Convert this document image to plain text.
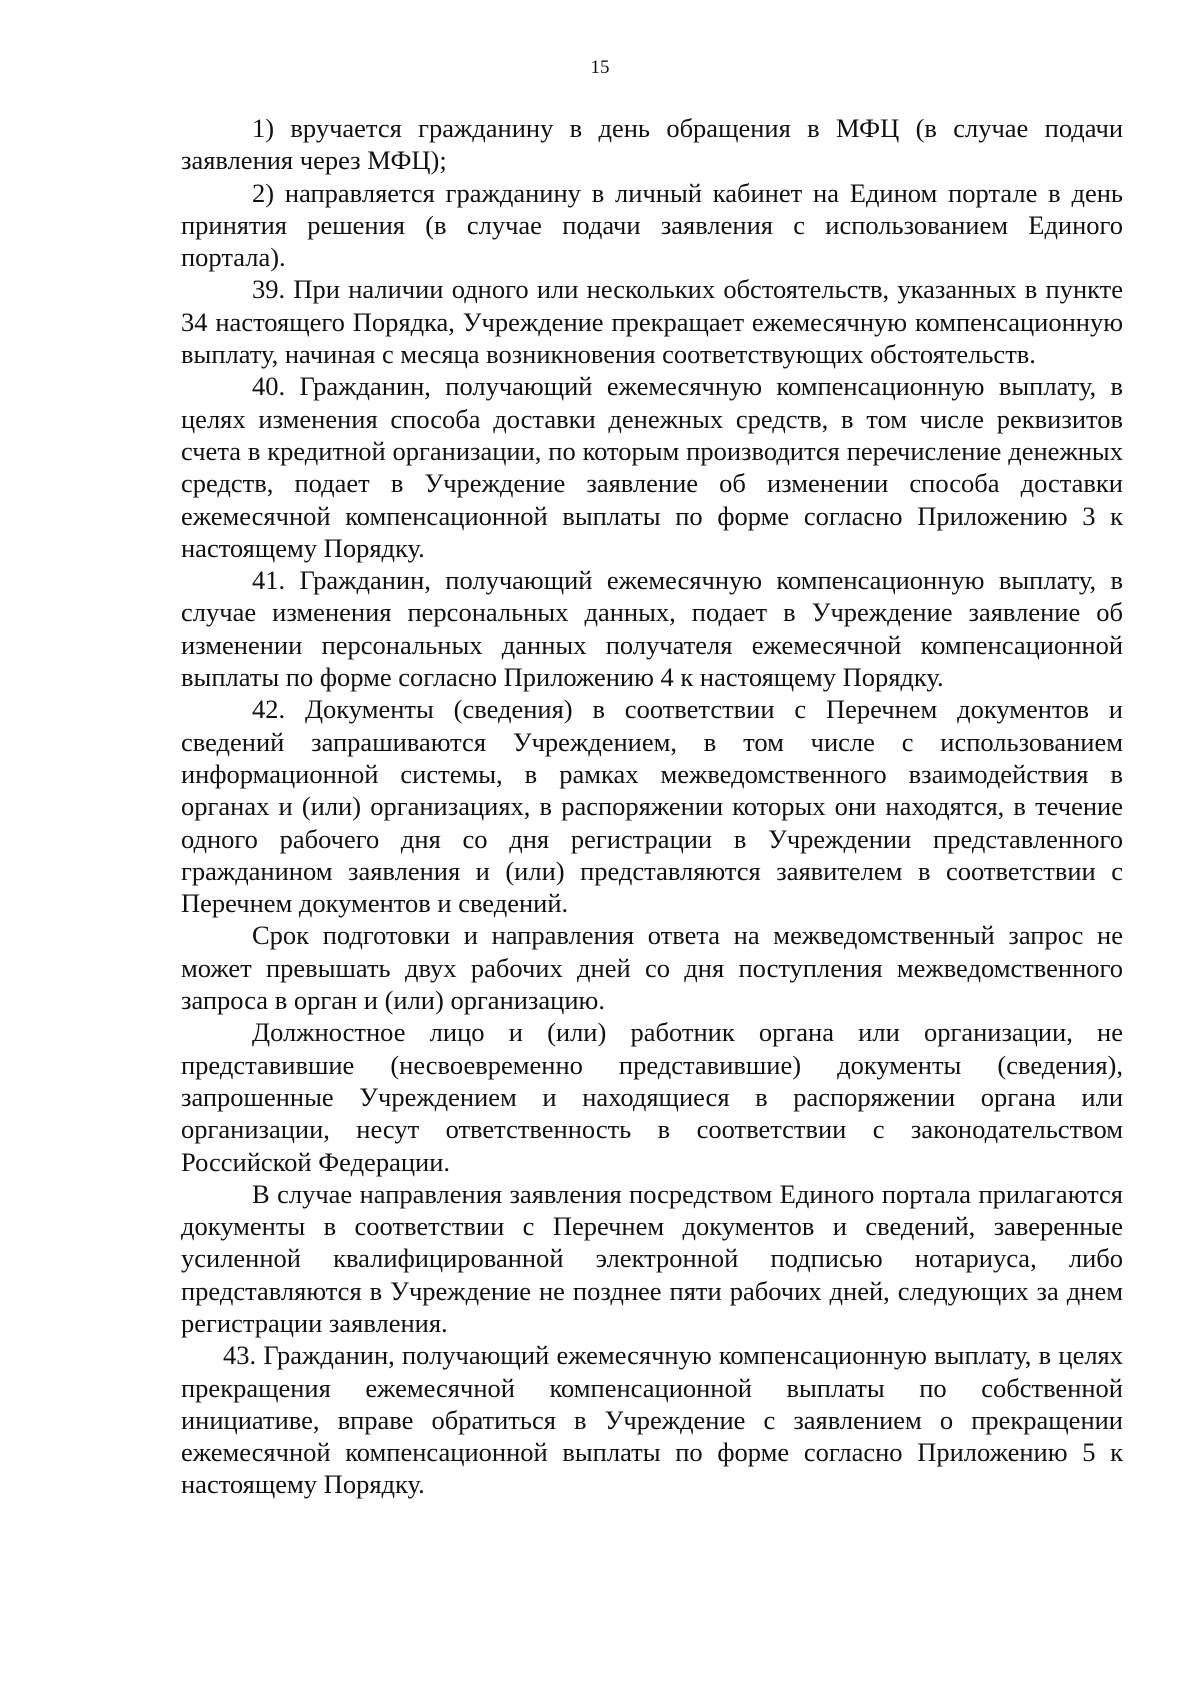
15

1) вручается гражданину в день обращения в МФЦ (в случае подачи заявления через МФЦ);

2) направляется гражданину в личный кабинет на Едином портале в день принятия решения (в случае подачи заявления с использованием Единого портала).

39. При наличии одного или нескольких обстоятельств, указанных в пункте 34 настоящего Порядка, Учреждение прекращает ежемесячную компенсационную выплату, начиная с месяца возникновения соответствующих обстоятельств.

40. Гражданин, получающий ежемесячную компенсационную выплату, в целях изменения способа доставки денежных средств, в том числе реквизитов счета в кредитной организации, по которым производится перечисление денежных средств, подает в Учреждение заявление об изменении способа доставки ежемесячной компенсационной выплаты по форме согласно Приложению 3 к настоящему Порядку.

41. Гражданин, получающий ежемесячную компенсационную выплату, в случае изменения персональных данных, подает в Учреждение заявление об изменении персональных данных получателя ежемесячной компенсационной выплаты по форме согласно Приложению 4 к настоящему Порядку.

42. Документы (сведения) в соответствии с Перечнем документов и сведений запрашиваются Учреждением, в том числе с использованием информационной системы, в рамках межведомственного взаимодействия в органах и (или) организациях, в распоряжении которых они находятся, в течение одного рабочего дня со дня регистрации в Учреждении представленного гражданином заявления и (или) представляются заявителем в соответствии с Перечнем документов и сведений.

Срок подготовки и направления ответа на межведомственный запрос не может превышать двух рабочих дней со дня поступления межведомственного запроса в орган и (или) организацию.

Должностное лицо и (или) работник органа или организации, не представившие (несвоевременно представившие) документы (сведения), запрошенные Учреждением и находящиеся в распоряжении органа или организации, несут ответственность в соответствии с законодательством Российской Федерации.

В случае направления заявления посредством Единого портала прилагаются документы в соответствии с Перечнем документов и сведений, заверенные усиленной квалифицированной электронной подписью нотариуса, либо представляются в Учреждение не позднее пяти рабочих дней, следующих за днем регистрации заявления.

43. Гражданин, получающий ежемесячную компенсационную выплату, в целях прекращения ежемесячной компенсационной выплаты по собственной инициативе, вправе обратиться в Учреждение с заявлением о прекращении ежемесячной компенсационной выплаты по форме согласно Приложению 5 к настоящему Порядку.
